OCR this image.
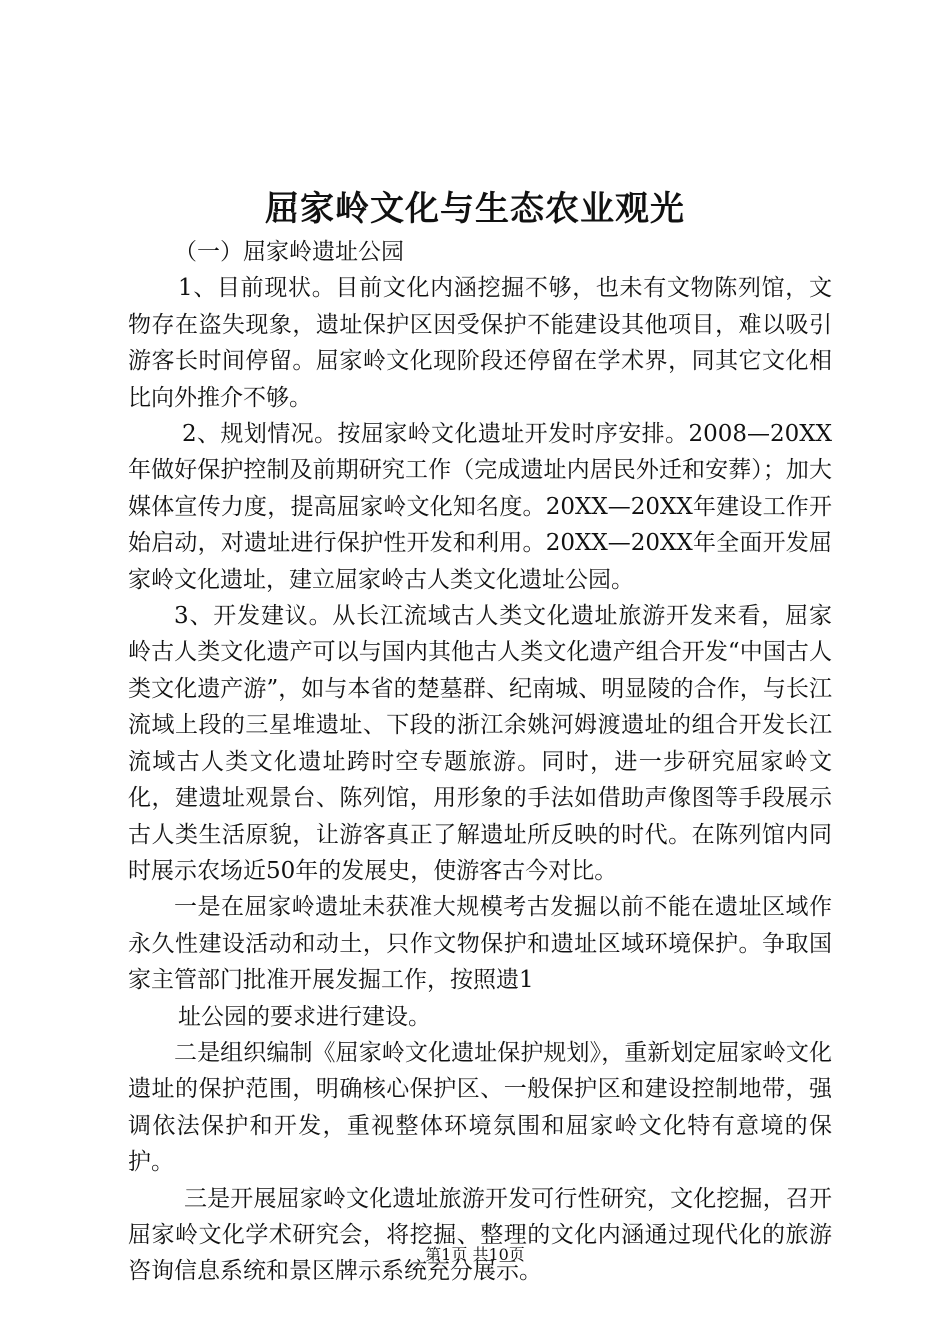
屈家岭文化与生态农业观光

（一）屈家岭遗址公园

1、目前现状。目前文化内涵挖掘不够，也未有文物陈列馆，文物存在盗失现象，遗址保护区因受保护不能建设其他项目，难以吸引游客长时间停留。屈家岭文化现阶段还停留在学术界，同其它文化相比向外推介不够。

2、规划情况。按屈家岭文化遗址开发时序安排。2008—20XX年做好保护控制及前期研究工作（完成遗址内居民外迁和安葬）；加大媒体宣传力度，提高屈家岭文化知名度。20XX—20XX年建设工作开始启动，对遗址进行保护性开发和利用。20XX—20XX年全面开发屈家岭文化遗址，建立屈家岭古人类文化遗址公园。

3、开发建议。从长江流域古人类文化遗址旅游开发来看，屈家岭古人类文化遗产可以与国内其他古人类文化遗产组合开发“中国古人类文化遗产游”，如与本省的楚墓群、纪南城、明显陵的合作，与长江流域上段的三星堆遗址、下段的浙江余姚河姆渡遗址的组合开发长江流域古人类文化遗址跨时空专题旅游。同时，进一步研究屈家岭文化，建遗址观景台、陈列馆，用形象的手法如借助声像图等手段展示古人类生活原貌，让游客真正了解遗址所反映的时代。在陈列馆内同时展示农场近50年的发展史，使游客古今对比。

一是在屈家岭遗址未获准大规模考古发掘以前不能在遗址区域作永久性建设活动和动土，只作文物保护和遗址区域环境保护。争取国家主管部门批准开展发掘工作，按照遗1

址公园的要求进行建设。

二是组织编制《屈家岭文化遗址保护规划》，重新划定屈家岭文化遗址的保护范围，明确核心保护区、一般保护区和建设控制地带，强调依法保护和开发，重视整体环境氛围和屈家岭文化特有意境的保护。

三是开展屈家岭文化遗址旅游开发可行性研究，文化挖掘，召开屈家岭文化学术研究会，将挖掘、整理的文化内涵通过现代化的旅游咨询信息系统和景区牌示系统充分展示。

第1页 共10页
